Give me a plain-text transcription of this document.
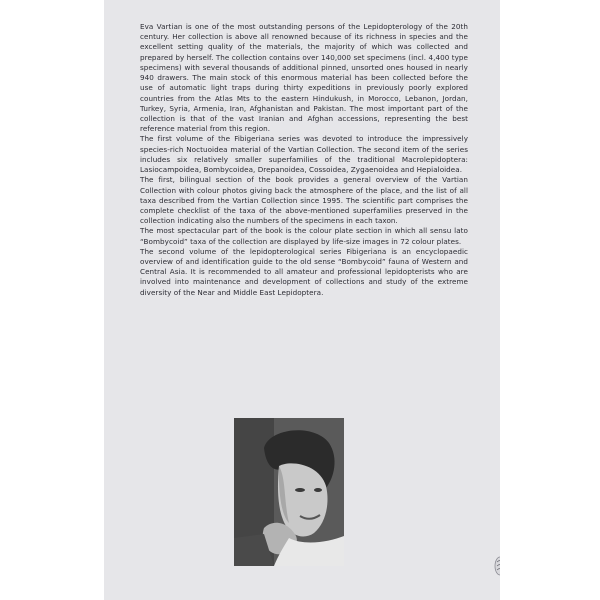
Eva Vartian is one of the most outstanding persons of the Lepidopterology of the 20th century. Her collection is above all renowned because of its richness in species and the excellent setting quality of the materials, the majority of which was collected and prepared by herself. The collection contains over 140,000 set specimens (incl. 4,400 type specimens) with several thousands of additional pinned, unsorted ones housed in nearly 940 drawers. The main stock of this enormous material has been collected before the use of automatic light traps during thirty expeditions in previously poorly explored countries from the Atlas Mts to the eastern Hindukush, in Morocco, Lebanon, Jordan, Turkey, Syria, Armenia, Iran, Afghanistan and Pakistan. The most important part of the collection is that of the vast Iranian and Afghan accessions, representing the best reference material from this region.

The first volume of the Fibigeriana series was devoted to introduce the impressively species-rich Noctuoidea material of the Vartian Collection. The second item of the series includes six relatively smaller superfamilies of the traditional Macrolepidoptera: Lasiocampoidea, Bombycoidea, Drepanoidea, Cossoidea, Zygaenoidea and Hepialoidea.

The first, bilingual section of the book provides a general overview of the Vartian Collection with colour photos giving back the atmosphere of the place, and the list of all taxa described from the Vartian Collection since 1995. The scientific part comprises the complete checklist of the taxa of the above-mentioned superfamilies preserved in the collection indicating also the numbers of the specimens in each taxon.

The most spectacular part of the book is the colour plate section in which all sensu lato “Bombycoid” taxa of the collection are displayed by life-size images in 72 colour plates.

The second volume of the lepidopterological series Fibigeriana is an encyclopaedic overview of and identification guide to the old sense “Bombycoid” fauna of Western and Central Asia. It is recommended to all amateur and professional lepidopterists who are involved into maintenance and development of collections and study of the extreme diversity of the Near and Middle East Lepidoptera.
